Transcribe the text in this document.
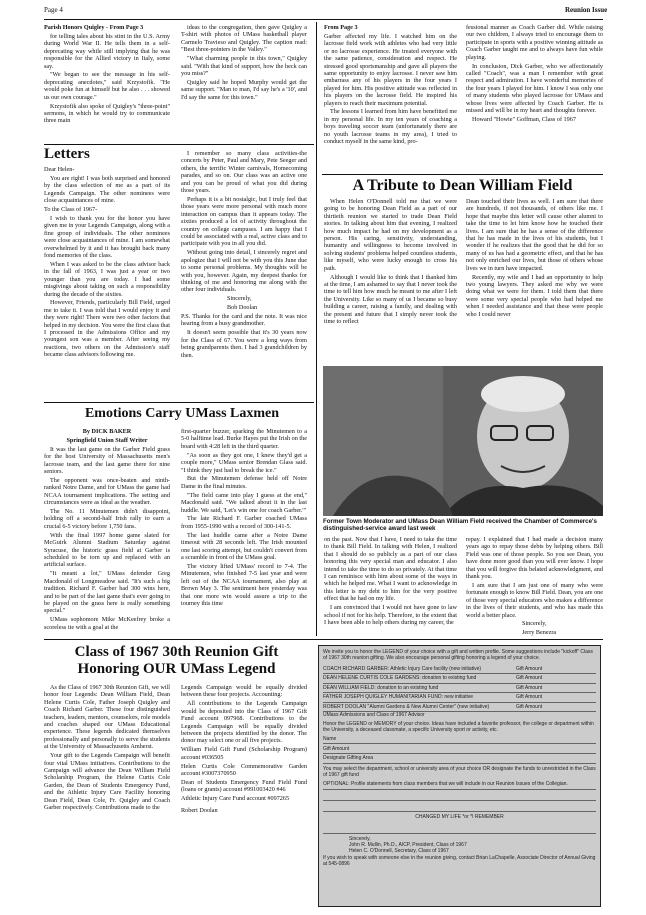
Page 4	Reunion Issue

Parish Honors Quigley - From Page 3

for telling tales about his stint in the U.S. Army during World War II. He tells them in a self-deprecating way while still implying that he was responsible for the Allied victory in Italy, some say.

"We began to see the message in his self-deprecating anecdotes," said Krzystofik. "He would poke fun at himself but he also . . . showed us our own courage."

Krzystofik also spoke of Quigley's "three-point" sermons, in which he would try to communicate three main

ideas to the congregation, then gave Quigley a T-shirt with photos of UMass basketball player Carmelo Travieso and Quigley. The caption read: "Best three-pointers in the Valley."

"What charming people in this town," Quigley said. "With that kind of support, how the heck can you miss?"

Quigley said he hoped Murphy would get the same support. "Man to man, I'd say he's a '10', and I'd say the same for this town."

Letters

Dear Helen-

You are right! I was both surprised and honored by the class selection of me as a part of its Legends Campaign. The other nominees were close acquaintances of mine.

To the Class of 1967-

I wish to thank you for the honor you have given me in your Legends Campaign, along with a fine group of individuals. The other nominees were close acquaintances of mine. I am somewhat overwhelmed by it and it has brought back many fond memories of the class.

When I was asked to be the class advisor back in the fall of 1963, I was just a year or two younger than you are today. I had some misgivings about taking on such a responsibility during the decade of the sixties.

However, Friends, particularly Bill Field, urged me to take it. I was told that I would enjoy it and they were right! There were two other factors that helped in my decision. You were the first class that I processed in the Admissions Office and my youngest son was a member. After seeing my reactions, two others on the Admission's staff became class advisors following me.

I remember so many class activities-the concerts by Peter, Paul and Mary, Pete Seeger and others, the terrific Winter carnivals, Homecoming parades, and so on. Our class was an active one and you can be proud of what you did during those years.

Perhaps it is a bit nostalgic, but I truly feel that those years were more personal with much more interaction on campus than it appears today. The sixties produced a lot of activity throughout the country on college campuses. I am happy that I could be associated with a real, active class and to participate with you in all you did.

Without going into detail, I sincerely regret and apologize that I will not be with you this June due to some personal problems. My thoughts will be with you, however. Again, my deepest thanks for thinking of me and honoring me along with the other four individuals.

Sincerely,

Bob Doolan

P.S. Thanks for the card and the note. It was nice hearing from a busy grandmother.

It doesn't seem possible that it's 30 years now for the Class of 67. You were a long ways from being grandparents then. I had 3 grandchildren by then.

Emotions Carry UMass Laxmen

By DICK BAKER

Springfield Union Staff Writer

It was the last game on the Garber Field grass for the host University of Massachusetts men's lacrosse team, and the last game there for nine seniors.

The opponent was once-beaten and ninth-ranked Notre Dame, and for UMass the game had NCAA tournament implications. The setting and circumstances were as ideal as the weather.

The No. 11 Minutemen didn't disappoint, holding off a second-half Irish rally to earn a crucial 6-5 victory before 1,750 fans.

With the final 1997 home game slated for McGuirk Alumni Stadium Saturday against Syracuse, the historic grass field at Garber is scheduled to be torn up and replaced with an artificial surface.

"It meant a lot," UMass defender Greg Macdonald of Longmeadow said. "It's such a big tradition. Richard F. Garber had 300 wins here, and to be part of the last game that's ever going to be played on the grass here is really something special."

UMass sophomore Mike McKeefrey broke a scoreless tie with a goal at the

first-quarter buzzer, sparking the Minutemen to a 5-0 halftime lead. Burke Hayes put the Irish on the board with 4:28 left in the third quarter.

"As soon as they got one, I knew they'd get a couple more," UMass senior Brendan Glass said. "I think they just had to break the ice."

But the Minutemen defense held off Notre Dame in the final minutes.

"The field came into play I guess at the end," Macdonald said. "We talked about it in the last huddle. We said, 'Let's win one for coach Garber.'"

The late Richard F. Garber coached UMass from 1955-1990 with a record of 300-141-5.

The last huddle came after a Notre Dame timeout with 28 seconds left. The Irish mounted one last scoring attempt, but couldn't convert from a scramble in front of the UMass goal.

The victory lifted UMass' record to 7-4. The Minutemen, who finished 7-5 last year and were left out of the NCAA tournament, also play at Brown May 3. The sentiment here yesterday was that one more win would assure a trip to the tourney this time

From Page 3

Garber affected my life. I watched him on the lacrosse field work with athletes who had very little or no lacrosse experience. He treated everyone with the same patience, consideration and respect. He stressed good sportsmanship and gave all players the same opportunity to enjoy lacrosse. I never saw him embarrass any of his players in the four years I played for him. His positive attitude was reflected in his players on the lacrosse field. He inspired his players to reach their maximum potential.

The lessons I learned from him have benefitted me in my personal life. In my ten years of coaching a boys traveling soccer team (unfortunately there are no youth lacrosse teams in my area), I tried to conduct myself in the same kind, pro-

fessional manner as Coach Garber did. While raising our two children, I always tried to encourage them to participate in sports with a positive winning attitude as Coach Garber taught me and to always have fun while playing.

In conclusion, Dick Garber, who we affectionately called "Coach", was a man I remember with great respect and admiration. I have wonderful memories of the four years I played for him. I know I was only one of many students who played lacrosse for UMass and whose lives were affected by Coach Garber. He is missed and will be in my heart and thoughts forever.

Howard "Howie" Goffman, Class of 1967

A Tribute to Dean William Field

When Helen O'Donnell told me that we were going to be honoring Dean Field as a part of our thirtieth reunion we started to trade Dean Field stories. In talking about him that evening, I realized how much impact he had on my development as a person. His caring, sensitivity, understanding, humanity and willingness to become involved in solving students' problems helped countless students, like myself, who were lucky enough to cross his path.

Although I would like to think that I thanked him at the time, I am ashamed to say that I never took the time to tell him how much he meant to me after I left the University. Like so many of us I became so busy building a career, raising a family, and dealing with the present and future that I simply never took the time to reflect

Dean touched their lives as well. I am sure that there are hundreds, if not thousands, of others like me. I hope that maybe this letter will cause other alumni to take the time to let him know how he touched their lives. I am sure that he has a sense of the difference that he has made in the lives of his students, but I wonder if he realizes that the good that he did for so many of us has had a geometric effect, and that he has not only enriched our lives, but those of others whose lives we in turn have impacted.

Recently, my wife and I had an opportunity to help two young lawyers. They asked me why we were doing what we were for them. I told them that there were some very special people who had helped me when I needed assistance and that these were people who I could never

Former Town Moderator and UMass Dean William Field received the Chamber of Commerce's distinguished-service award last week

on the past. Now that I have, I need to take the time to thank Bill Field. In talking with Helen, I realized that I should do so publicly as a part of our class honoring this very special man and educator. I also intend to take the time to do so privately. At that time I can reminisce with him about some of the ways in which he helped me. What I want to acknowledge in this letter is my debt to him for the very positive effect that he had on my life.

I am convinced that I would not have gone to law school if not for his help. Therefore, to the extent that I have been able to help others during my career, the

repay. I explained that I had made a decision many years ago to repay those debts by helping others. Bill Field was one of those people. So you see Dean, you have done more good than you will ever know. I hope that you will forgive this belated acknowledgment, and thank you.

I am sure that I am just one of many who were fortunate enough to know Bill Field. Dean, you are one of those very special educators who makes a difference in the lives of their students, and who has made this world a better place.

Sincerely,

Jerry Benezra

Class of 1967 30th Reunion Gift
Honoring OUR UMass Legend

As the Class of 1967 30th Reunion Gift, we will honor four Legends: Dean William Field, Dean Helene Curtis Cole, Father Joseph Quigley and Coach Richard Garber. These four distinguished teachers, leaders, mentors, counselors, role models and coaches shaped our UMass Educational experience. These legends dedicated themselves professionally and personally to serve the students at the University of Massachusetts Amherst.

Your gift to the Legends Campaign will benefit four vital UMass initiatives. Contributions to the Campaign will advance the Dean William Field Scholarship Program, the Helene Curtis Cole Garden, the Dean of Students Emergency Fund, and the Athletic Injury Care Facility honoring Dean Field, Dean Cole, Fr. Quigley and Coach Garber respectively. Contributions made to the

Legends Campaign would be equally divided between these four projects. Accounting:

All contributions to the Legends Campaign would be deposited into the Class of 1967 Gift Fund account 097968. Contributions to the Legends Campaign will be equally divided between the projects identified by the donor. The donor may select one or all five projects.

William Field Gift Fund (Scholarship Program) account #036505

Helen Curtis Cole Commemorative Garden account #3007370950

Dean of Students Emergency Fund Field Fund (loans or grants) account #991003420 #46

Athletic Injury Care Fund account #097265

Robert Doolan

We invite you to honor the LEGEND of your choice with a gift and written profile. Some suggestions include "kickoff" Class of 1967 30th reunion gifting. We also encourage personal gifting honoring a legend of your choice.
COACH RICHARD GARBER: Athletic Injury Care facility (new initiative)	Gift Amount
DEAN HELENE CURTIS COLE GARDENS: donation to existing fund	Gift Amount
DEAN WILLIAM FIELD: donation to an existing fund	Gift Amount
FATHER JOSEPH QUIGLEY HUMANITARIAN FUND: new initiative	Gift Amount
ROBERT DOOLAN "Alumni Gardens & New Alumni Center" (new initiative)	Gift Amount
UMass Admissions and Class of 1967 Advisor
Honor the LEGEND or MEMORY of your choice. Ideas have included a favorite professor, the college or department within the University, a deceased classmate, a specific University sport or activity, etc.
Name
Gift Amount
Designate Gifting Area
You may select the department, school or university area of your choice OR designate the funds to unrestricted in the Class of 1967 gift fund
OPTIONAL: Profile statements from class members that we will include in our Reunion Issues of the Collegian.
CHANGED MY LIFE *or *I REMEMBER
Sincerely,
John R. Mullin, Ph.D., AICP, President, Class of 1967
Helen C. O'Donnell, Secretary, Class of 1967
If you wish to speak with someone else in the reunion giving, contact Brian LaChapelle, Associate Director of Annual Giving at 545-0896
